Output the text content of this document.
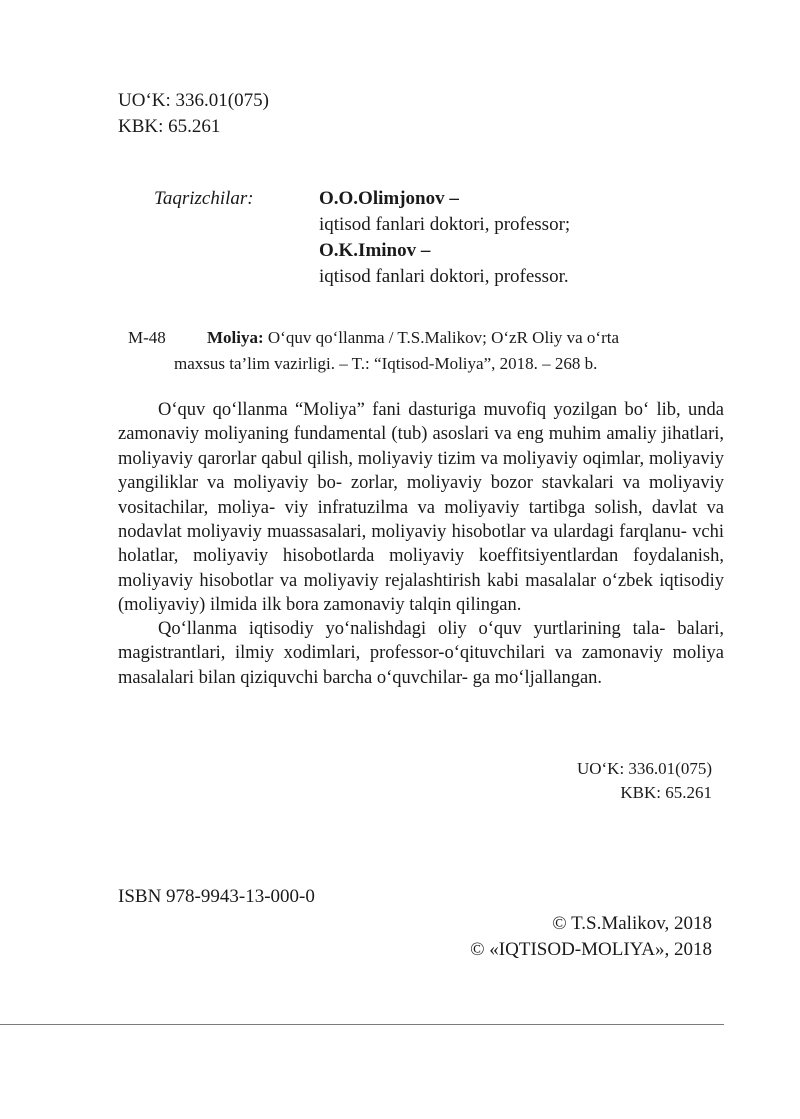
UO‘K: 336.01(075)
KBK: 65.261
Taqrizchilar:	O.O.Olimjonov –
iqtisod fanlari doktori, professor;
O.K.Iminov –
iqtisod fanlari doktori, professor.
M-48 Moliya: O‘quv qo‘llanma / T.S.Malikov; O‘zR Oliy va o‘rta
maxsus ta’lim vazirligi. – T.: “Iqtisod-Moliya”, 2018. – 268 b.

O‘quv qo‘llanma “Moliya” fani dasturiga muvofiq yozilgan bo‘ lib, unda zamonaviy moliyaning fundamental (tub) asoslari va eng muhim amaliy jihatlari, moliyaviy qarorlar qabul qilish, moliyaviy tizim va moliyaviy oqimlar, moliyaviy yangiliklar va moliyaviy bo- zorlar, moliyaviy bozor stavkalari va moliyaviy vositachilar, moliya- viy infratuzilma va moliyaviy tartibga solish, davlat va nodavlat moliyaviy muassasalari, moliyaviy hisobotlar va ulardagi farqlanu- vchi holatlar, moliyaviy hisobotlarda moliyaviy koeffitsiyentlardan foydalanish, moliyaviy hisobotlar va moliyaviy rejalashtirish kabi masalalar o‘zbek iqtisodiy (moliyaviy) ilmida ilk bora zamonaviy talqin qilingan.

Qo‘llanma iqtisodiy yo‘nalishdagi oliy o‘quv yurtlarining tala- balari, magistrantlari, ilmiy xodimlari, professor-o‘qituvchilari va zamonaviy moliya masalalari bilan qiziquvchi barcha o‘quvchilar- ga mo‘ljallangan.

UO‘K: 336.01(075)
KBK: 65.261
ISBN 978-9943-13-000-0
© T.S.Malikov, 2018
© «IQTISOD-MOLIYA», 2018
